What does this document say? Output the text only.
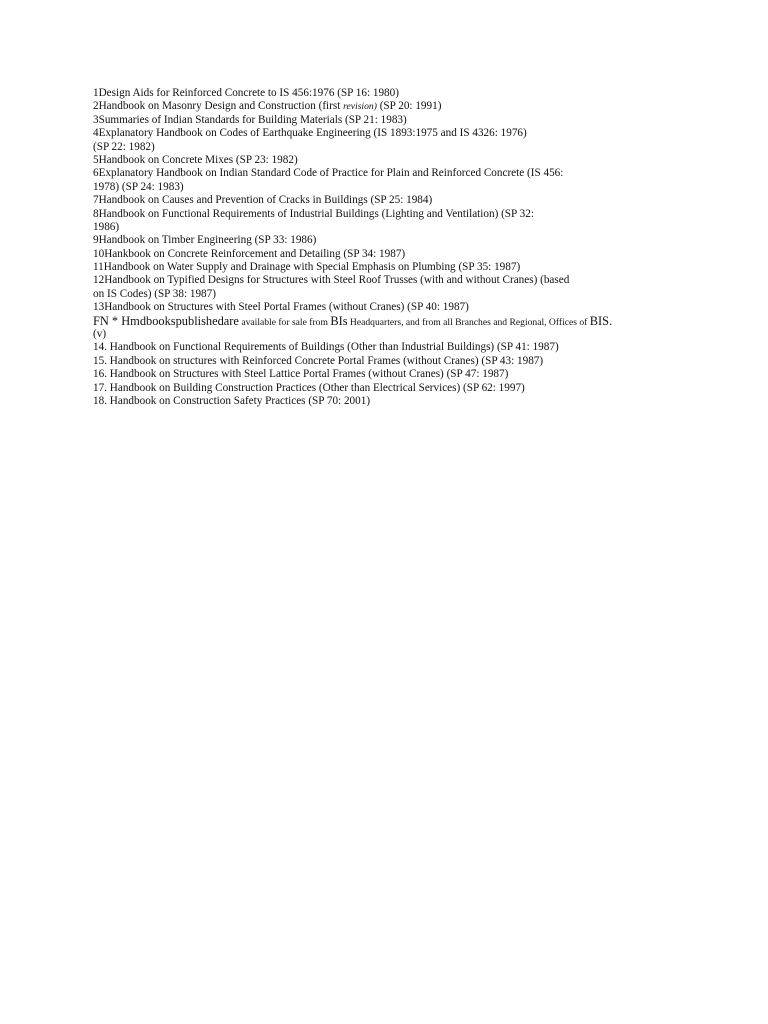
1Design Aids for Reinforced Concrete to IS 456:1976 (SP 16: 1980)
2Handbook on Masonry Design and Construction (first revision) (SP 20: 1991)
3Summaries of Indian Standards for Building Materials (SP 21: 1983)
4Explanatory Handbook on Codes of Earthquake Engineering (IS 1893:1975 and IS 4326: 1976)
(SP 22: 1982)
5Handbook on Concrete Mixes (SP 23: 1982)
6Explanatory Handbook on Indian Standard Code of Practice for Plain and Reinforced Concrete (IS 456:
1978) (SP 24: 1983)
7Handbook on Causes and Prevention of Cracks in Buildings (SP 25: 1984)
8Handbook on Functional Requirements of Industrial Buildings (Lighting and Ventilation) (SP 32:
1986)
9Handbook on Timber Engineering (SP 33: 1986)
10Hankbook on Concrete Reinforcement and Detailing (SP 34: 1987)
11Handbook on Water Supply and Drainage with Special Emphasis on Plumbing (SP 35: 1987)
12Handbook on Typified Designs for Structures with Steel Roof Trusses (with and without Cranes) (based
on IS Codes) (SP 38: 1987)
13Handbook on Structures with Steel Portal Frames (without Cranes) (SP 40: 1987)
FN * Hmdbookspublishedare available for sale from BIs Headquarters, and from all Branches and Regional, Offices of BIS.
(v)
14. Handbook on Functional Requirements of Buildings (Other than Industrial Buildings) (SP 41: 1987)
15. Handbook on structures with Reinforced Concrete Portal Frames (without Cranes) (SP 43: 1987)
16. Handbook on Structures with Steel Lattice Portal Frames (without Cranes) (SP 47: 1987)
17. Handbook on Building Construction Practices (Other than Electrical Services) (SP 62: 1997)
18. Handbook on Construction Safety Practices (SP 70: 2001)
